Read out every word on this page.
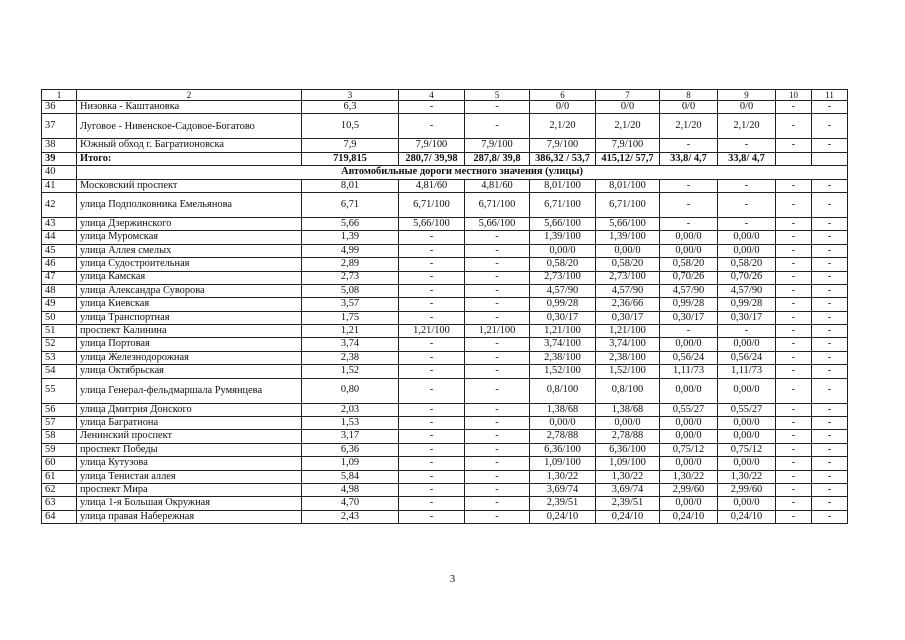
1	2	3	4	5	6	7	8	9	10	11
36	Низовка - Каштановка	6,3	-	-	0/0	0/0	0/0	0/0	-	-
37	Луговое - Нивенское-Садовое-Богатово	10,5	-	-	2,1/20	2,1/20	2,1/20	2,1/20	-	-
38	Южный обход г. Багратионовска	7,9	7,9/100	7,9/100	7,9/100	7,9/100	-	-	-	-
39	Итого:	719,815	280,7/ 39,98	287,8/ 39,8	386,32 / 53,7	415,12/ 57,7	33,8/ 4,7	33,8/ 4,7		
40	Автомобильные дороги местного значения (улицы)									
41	Московский проспект	8,01	4,81/60	4,81/60	8,01/100	8,01/100	-	-	-	-
42	улица Подполковника Емельянова	6,71	6,71/100	6,71/100	6,71/100	6,71/100	-	-	-	-
43	улица Дзержинского	5,66	5,66/100	5,66/100	5,66/100	5,66/100	-	-	-	-
44	улица Муромская	1,39	-	-	1,39/100	1,39/100	0,00/0	0,00/0	-	-
45	улица Аллея смелых	4,99	-	-	0,00/0	0,00/0	0,00/0	0,00/0	-	-
46	улица Судостроительная	2,89	-	-	0,58/20	0,58/20	0,58/20	0,58/20	-	-
47	улица Камская	2,73	-	-	2,73/100	2,73/100	0,70/26	0,70/26	-	-
48	улица Александра Суворова	5,08	-	-	4,57/90	4,57/90	4,57/90	4,57/90	-	-
49	улица Киевская	3,57	-	-	0,99/28	2,36/66	0,99/28	0,99/28	-	-
50	улица Транспортная	1,75	-	-	0,30/17	0,30/17	0,30/17	0,30/17	-	-
51	проспект Калинина	1,21	1,21/100	1,21/100	1,21/100	1,21/100	-	-	-	-
52	улица Портовая	3,74	-	-	3,74/100	3,74/100	0,00/0	0,00/0	-	-
53	улица Железнодорожная	2,38	-	-	2,38/100	2,38/100	0,56/24	0,56/24	-	-
54	улица Октябрьская	1,52	-	-	1,52/100	1,52/100	1,11/73	1,11/73	-	-
55	улица Генерал-фельдмаршала Румянцева	0,80	-	-	0,8/100	0,8/100	0,00/0	0,00/0	-	-
56	улица Дмитрия Донского	2,03	-	-	1,38/68	1,38/68	0,55/27	0,55/27	-	-
57	улица Багратиона	1,53	-	-	0,00/0	0,00/0	0,00/0	0,00/0	-	-
58	Ленинский проспект	3,17	-	-	2,78/88	2,78/88	0,00/0	0,00/0	-	-
59	проспект Победы	6,36	-	-	6,36/100	6,36/100	0,75/12	0,75/12	-	-
60	улица Кутузова	1,09	-	-	1,09/100	1,09/100	0,00/0	0,00/0	-	-
61	улица Тенистая аллея	5,84	-	-	1,30/22	1,30/22	1,30/22	1,30/22	-	-
62	проспект Мира	4,98	-	-	3,69/74	3,69/74	2,99/60	2,99/60	-	-
63	улица 1-я Большая Окружная	4,70	-	-	2,39/51	2,39/51	0,00/0	0,00/0	-	-
64	улица правая Набережная	2,43	-	-	0,24/10	0,24/10	0,24/10	0,24/10	-	-
3
